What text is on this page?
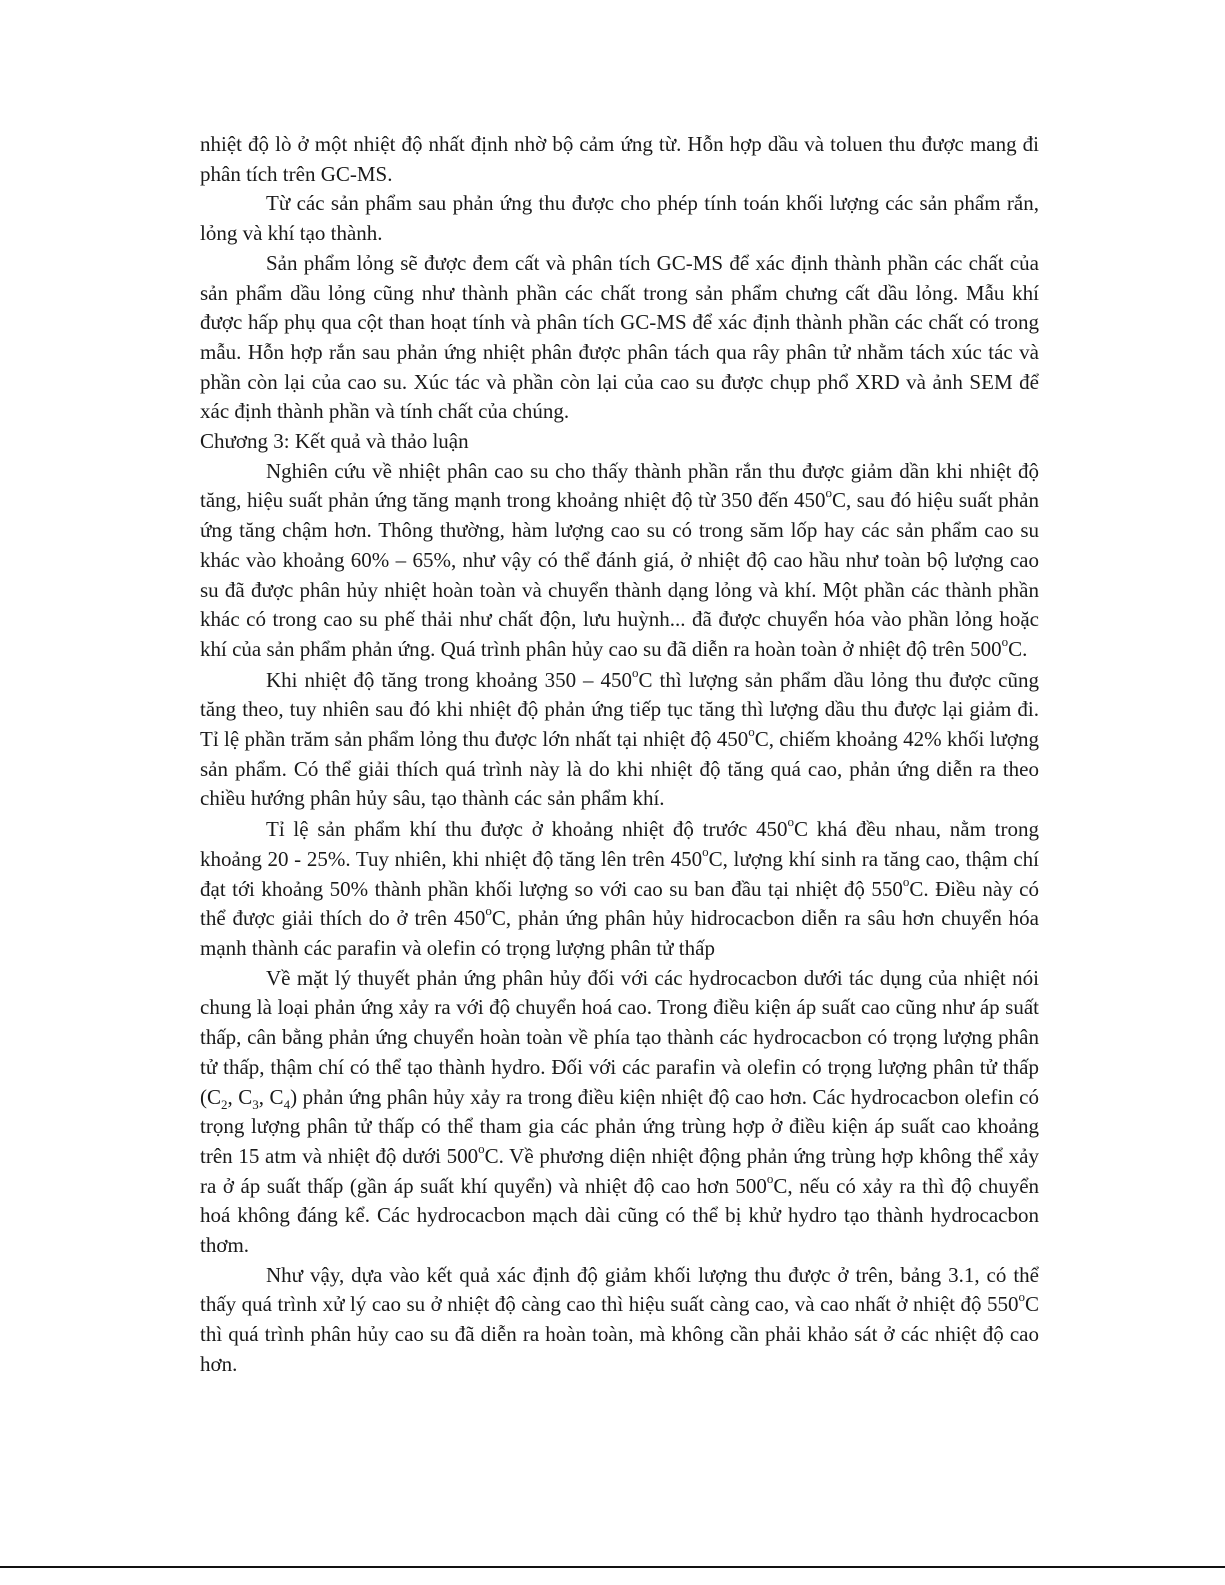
nhiệt độ lò ở một nhiệt độ nhất định nhờ bộ cảm ứng từ. Hỗn hợp dầu và toluen thu được mang đi phân tích trên GC-MS.

Từ các sản phẩm sau phản ứng thu được cho phép tính toán khối lượng các sản phẩm rắn, lỏng và khí tạo thành.

Sản phẩm lỏng sẽ được đem cất và phân tích GC-MS để xác định thành phần các chất của sản phẩm dầu lỏng cũng như thành phần các chất trong sản phẩm chưng cất dầu lỏng. Mẫu khí được hấp phụ qua cột than hoạt tính và phân tích GC-MS để xác định thành phần các chất có trong mẫu. Hỗn hợp rắn sau phản ứng nhiệt phân được phân tách qua rây phân tử nhằm tách xúc tác và phần còn lại của cao su. Xúc tác và phần còn lại của cao su được chụp phổ XRD và ảnh SEM để xác định thành phần và tính chất của chúng.

Chương 3: Kết quả và thảo luận

Nghiên cứu về nhiệt phân cao su cho thấy thành phần rắn thu được giảm dần khi nhiệt độ tăng, hiệu suất phản ứng tăng mạnh trong khoảng nhiệt độ từ 350 đến 450$^o$C, sau đó hiệu suất phản ứng tăng chậm hơn. Thông thường, hàm lượng cao su có trong săm lốp hay các sản phẩm cao su khác vào khoảng 60% – 65%, như vậy có thể đánh giá, ở nhiệt độ cao hầu như toàn bộ lượng cao su đã được phân hủy nhiệt hoàn toàn và chuyển thành dạng lỏng và khí. Một phần các thành phần khác có trong cao su phế thải như chất độn, lưu huỳnh... đã được chuyển hóa vào phần lỏng hoặc khí của sản phẩm phản ứng. Quá trình phân hủy cao su đã diễn ra hoàn toàn ở nhiệt độ trên 500$^o$C.

Khi nhiệt độ tăng trong khoảng 350 – 450$^o$C thì lượng sản phẩm dầu lỏng thu được cũng tăng theo, tuy nhiên sau đó khi nhiệt độ phản ứng tiếp tục tăng thì lượng dầu thu được lại giảm đi. Tỉ lệ phần trăm sản phẩm lỏng thu được lớn nhất tại nhiệt độ 450$^o$C, chiếm khoảng 42% khối lượng sản phẩm. Có thể giải thích quá trình này là do khi nhiệt độ tăng quá cao, phản ứng diễn ra theo chiều hướng phân hủy sâu, tạo thành các sản phẩm khí.

Tỉ lệ sản phẩm khí thu được ở khoảng nhiệt độ trước 450$^o$C khá đều nhau, nằm trong khoảng 20 - 25%. Tuy nhiên, khi nhiệt độ tăng lên trên 450$^o$C, lượng khí sinh ra tăng cao, thậm chí đạt tới khoảng 50% thành phần khối lượng so với cao su ban đầu tại nhiệt độ 550$^o$C. Điều này có thể được giải thích do ở trên 450$^o$C, phản ứng phân hủy hidrocacbon diễn ra sâu hơn chuyển hóa mạnh thành các parafin và olefin có trọng lượng phân tử thấp

Về mặt lý thuyết phản ứng phân hủy đối với các hydrocacbon dưới tác dụng của nhiệt nói chung là loại phản ứng xảy ra với độ chuyển hoá cao. Trong điều kiện áp suất cao cũng như áp suất thấp, cân bằng phản ứng chuyển hoàn toàn về phía tạo thành các hydrocacbon có trọng lượng phân tử thấp, thậm chí có thể tạo thành hydro. Đối với các parafin và olefin có trọng lượng phân tử thấp ($C_2$, $C_3$, $C_4$) phản ứng phân hủy xảy ra trong điều kiện nhiệt độ cao hơn. Các hydrocacbon olefin có trọng lượng phân tử thấp có thể tham gia các phản ứng trùng hợp ở điều kiện áp suất cao khoảng trên 15 atm và nhiệt độ dưới 500$^o$C. Về phương diện nhiệt động phản ứng trùng hợp không thể xảy ra ở áp suất thấp (gần áp suất khí quyển) và nhiệt độ cao hơn 500$^o$C, nếu có xảy ra thì độ chuyển hoá không đáng kể. Các hydrocacbon mạch dài cũng có thể bị khử hydro tạo thành hydrocacbon thơm.

Như vậy, dựa vào kết quả xác định độ giảm khối lượng thu được ở trên, bảng 3.1, có thể thấy quá trình xử lý cao su ở nhiệt độ càng cao thì hiệu suất càng cao, và cao nhất ở nhiệt độ 550$^o$C thì quá trình phân hủy cao su đã diễn ra hoàn toàn, mà không cần phải khảo sát ở các nhiệt độ cao hơn.
